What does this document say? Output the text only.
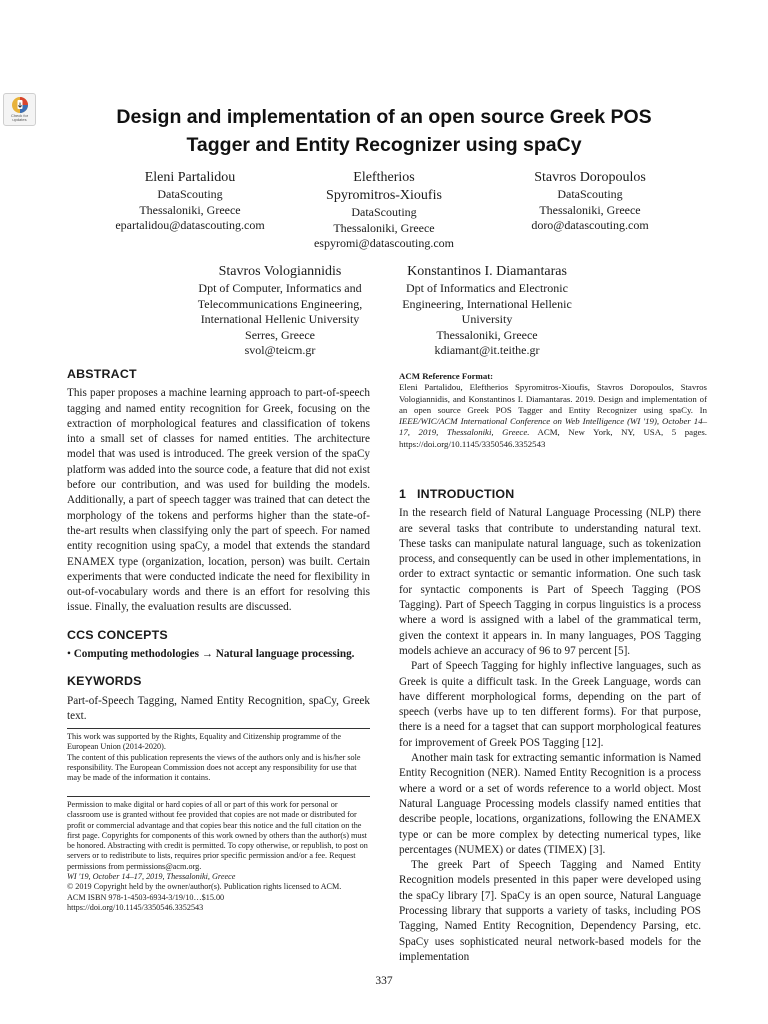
Check for
updates	Design and implementation of an open source Greek POS
Tagger and Entity Recognizer using spaCy
Eleni Partalidou
DataScouting
Thessaloniki, Greece
epartalidou@datascouting.com
Eleftherios
Spyromitros-Xioufis
DataScouting
Thessaloniki, Greece
espyromi@datascouting.com
Stavros Doropoulos
DataScouting
Thessaloniki, Greece
doro@datascouting.com
Stavros Vologiannidis
Dpt of Computer, Informatics and
Telecommunications Engineering,
International Hellenic University
Serres, Greece
svol@teicm.gr
Konstantinos I. Diamantaras
Dpt of Informatics and Electronic
Engineering, International Hellenic
University
Thessaloniki, Greece
kdiamant@it.teithe.gr
ABSTRACT

This paper proposes a machine learning approach to part-of-speech tagging and named entity recognition for Greek, focusing on the extraction of morphological features and classification of tokens into a small set of classes for named entities. The architecture model that was used is introduced. The greek version of the spaCy platform was added into the source code, a feature that did not exist before our contribution, and was used for building the models. Additionally, a part of speech tagger was trained that can detect the morphology of the tokens and performs higher than the state-of-the-art results when classifying only the part of speech. For named entity recognition using spaCy, a model that extends the standard ENAMEX type (organization, location, person) was built. Certain experiments that were conducted indicate the need for flexibility in out-of-vocabulary words and there is an effort for resolving this issue. Finally, the evaluation results are discussed.

CCS CONCEPTS

• Computing methodologies → Natural language processing.

KEYWORDS

Part-of-Speech Tagging, Named Entity Recognition, spaCy, Greek text.

This work was supported by the Rights, Equality and Citizenship programme of the European Union (2014-2020).

The content of this publication represents the views of the authors only and is his/her sole responsibility. The European Commission does not accept any responsibility for use that may be made of the information it contains.

Permission to make digital or hard copies of all or part of this work for personal or classroom use is granted without fee provided that copies are not made or distributed for profit or commercial advantage and that copies bear this notice and the full citation on the first page. Copyrights for components of this work owned by others than the author(s) must be honored. Abstracting with credit is permitted. To copy otherwise, or republish, to post on servers or to redistribute to lists, requires prior specific permission and/or a fee. Request permissions from permissions@acm.org.

WI '19, October 14–17, 2019, Thessaloniki, Greece

© 2019 Copyright held by the owner/author(s). Publication rights licensed to ACM.

ACM ISBN 978-1-4503-6934-3/19/10…$15.00

https://doi.org/10.1145/3350546.3352543

ACM Reference Format:

Eleni Partalidou, Eleftherios Spyromitros-Xioufis, Stavros Doropoulos, Stavros Vologiannidis, and Konstantinos I. Diamantaras. 2019. Design and implementation of an open source Greek POS Tagger and Entity Recognizer using spaCy. In IEEE/WIC/ACM International Conference on Web Intelligence (WI '19), October 14–17, 2019, Thessaloniki, Greece. ACM, New York, NY, USA, 5 pages. https://doi.org/10.1145/3350546.3352543

1 INTRODUCTION

In the research field of Natural Language Processing (NLP) there are several tasks that contribute to understanding natural text. These tasks can manipulate natural language, such as tokenization process, and consequently can be used in other implementations, in order to extract syntactic or semantic information. One such task for syntactic components is Part of Speech Tagging (POS Tagging). Part of Speech Tagging in corpus linguistics is a process where a word is assigned with a label of the grammatical term, given the context it appears in. In many languages, POS Tagging models achieve an accuracy of 96 to 97 percent [5].

Part of Speech Tagging for highly inflective languages, such as Greek is quite a difficult task. In the Greek Language, words can have different morphological forms, depending on the part of speech (verbs have up to ten different forms). For that purpose, there is a need for a tagset that can support morphological features for improvement of Greek POS Tagging [12].

Another main task for extracting semantic information is Named Entity Recognition (NER). Named Entity Recognition is a process where a word or a set of words reference to a world object. Most Natural Language Processing models classify named entities that describe people, locations, organizations, following the ENAMEX type or can be more complex by detecting numerical types, like percentages (NUMEX) or dates (TIMEX) [3].

The greek Part of Speech Tagging and Named Entity Recognition models presented in this paper were developed using the spaCy library [7]. SpaCy is an open source, Natural Language Processing library that supports a variety of tasks, including POS Tagging, Named Entity Recognition, Dependency Parsing, etc. SpaCy uses sophisticated neural network-based models for the implementation

337
